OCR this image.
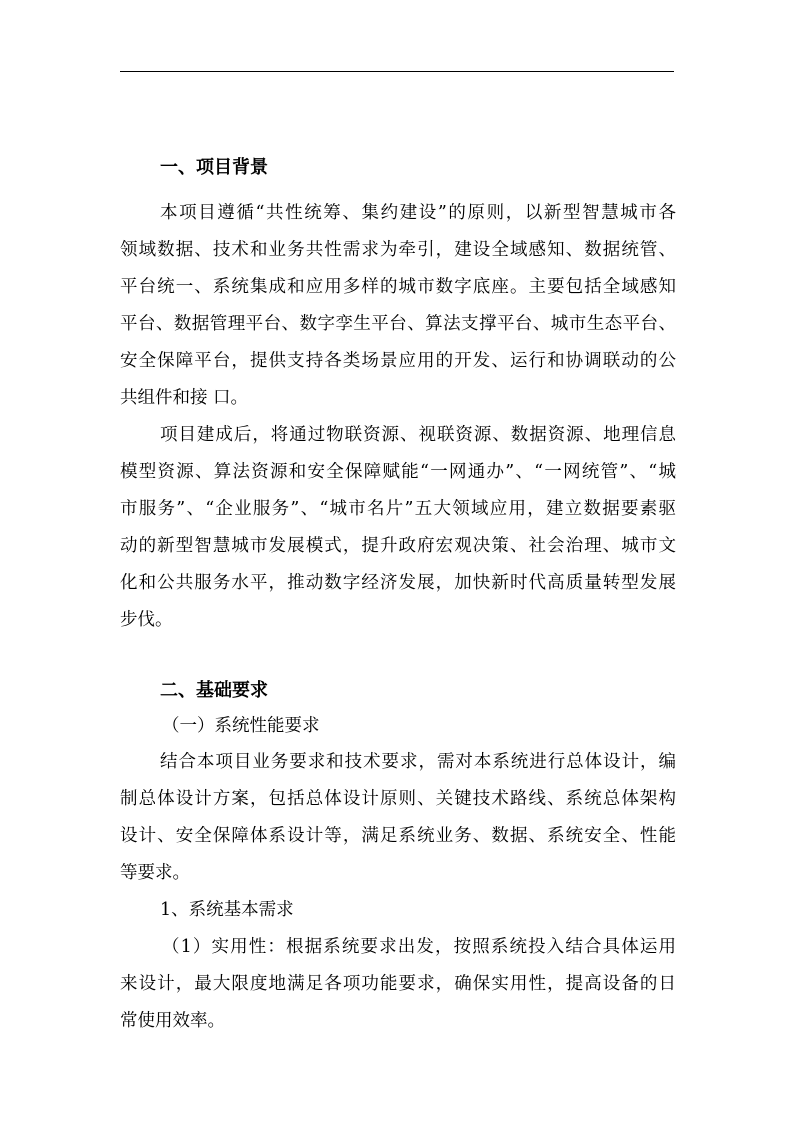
一、项目背景
本项目遵循“共性统筹、集约建设”的原则，以新型智慧城市各
领域数据、技术和业务共性需求为牵引，建设全域感知、数据统管、
平台统一、系统集成和应用多样的城市数字底座。主要包括全域感知
平台、数据管理平台、数字孪生平台、算法支撑平台、城市生态平台、
安全保障平台，提供支持各类场景应用的开发、运行和协调联动的公
共组件和接 口。
项目建成后，将通过物联资源、视联资源、数据资源、地理信息
模型资源、算法资源和安全保障赋能“一网通办”、“一网统管”、“城
市服务”、“企业服务”、“城市名片”五大领域应用，建立数据要素驱
动的新型智慧城市发展模式，提升政府宏观决策、社会治理、城市文
化和公共服务水平，推动数字经济发展，加快新时代高质量转型发展
步伐。
二、基础要求
（一）系统性能要求
结合本项目业务要求和技术要求，需对本系统进行总体设计，编
制总体设计方案，包括总体设计原则、关键技术路线、系统总体架构
设计、安全保障体系设计等，满足系统业务、数据、系统安全、性能
等要求。
1、系统基本需求
（1）实用性：根据系统要求出发，按照系统投入结合具体运用
来设计，最大限度地满足各项功能要求，确保实用性，提高设备的日
常使用效率。
